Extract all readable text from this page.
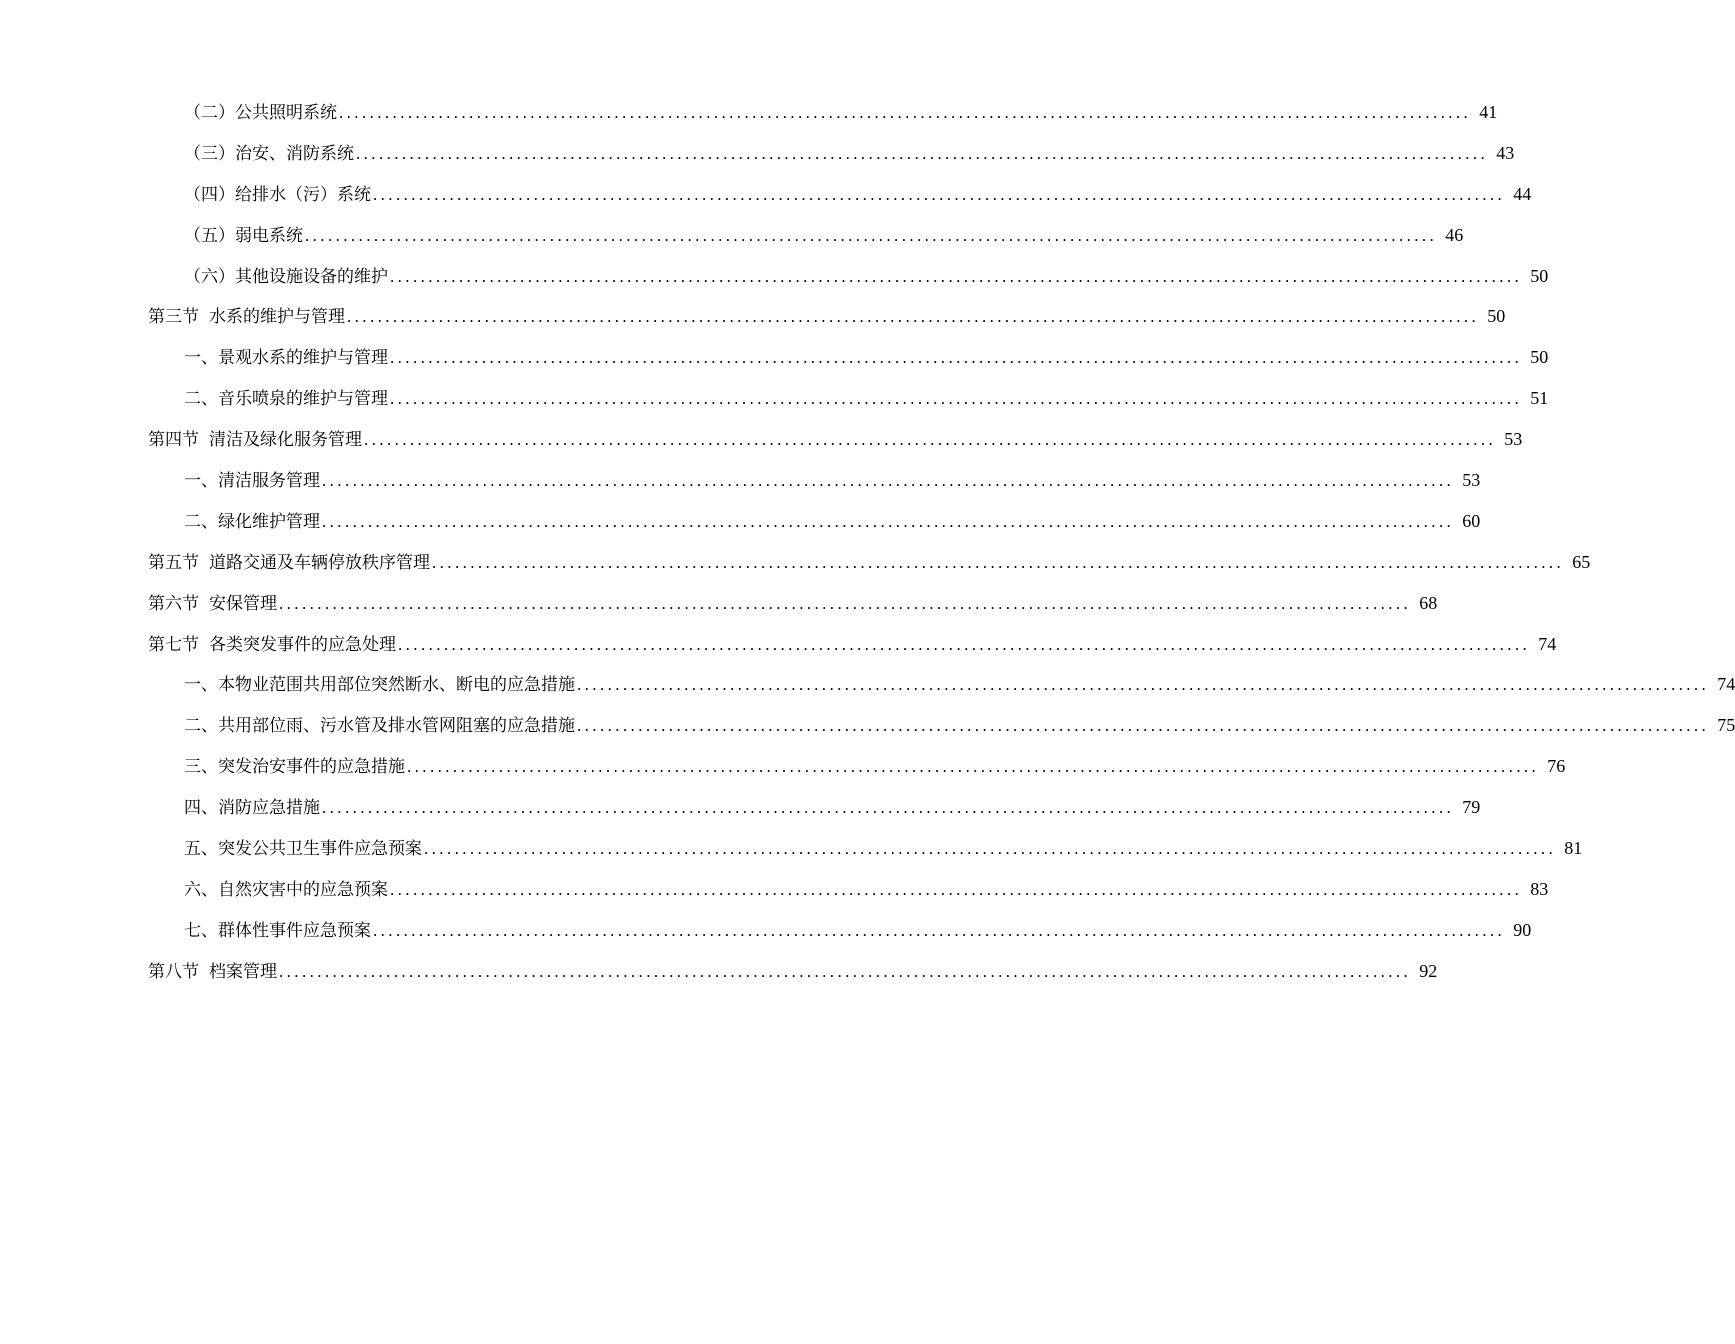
（二）公共照明系统 .................................................................................................................................................... 41
（三）治安、消防系统 .................................................................................................................................................... 43
（四）给排水（污）系统 .................................................................................................................................................... 44
（五）弱电系统 .................................................................................................................................................... 46
（六）其他设施设备的维护 .................................................................................................................................................... 50
第三节 水系的维护与管理 .................................................................................................................................................... 50
一、景观水系的维护与管理 .................................................................................................................................................... 50
二、音乐喷泉的维护与管理 .................................................................................................................................................... 51
第四节 清洁及绿化服务管理 .................................................................................................................................................... 53
一、清洁服务管理 .................................................................................................................................................... 53
二、绿化维护管理 .................................................................................................................................................... 60
第五节 道路交通及车辆停放秩序管理 .................................................................................................................................................... 65
第六节 安保管理 .................................................................................................................................................... 68
第七节 各类突发事件的应急处理 .................................................................................................................................................... 74
一、本物业范围共用部位突然断水、断电的应急措施 .................................................................................................................................................... 74
二、共用部位雨、污水管及排水管网阻塞的应急措施 .................................................................................................................................................... 75
三、突发治安事件的应急措施 .................................................................................................................................................... 76
四、消防应急措施 .................................................................................................................................................... 79
五、突发公共卫生事件应急预案 .................................................................................................................................................... 81
六、自然灾害中的应急预案 .................................................................................................................................................... 83
七、群体性事件应急预案 .................................................................................................................................................... 90
第八节 档案管理 .................................................................................................................................................... 92
